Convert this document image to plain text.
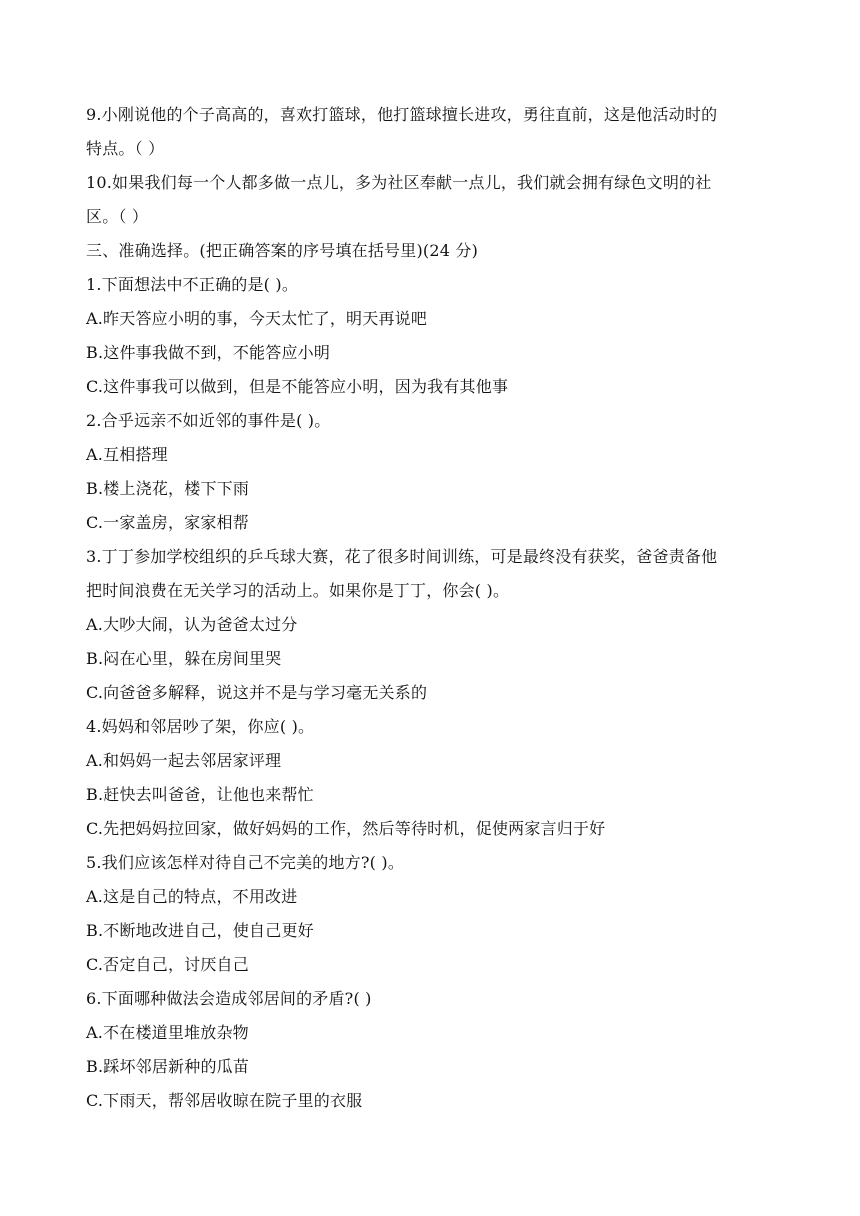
9.小刚说他的个子高高的，喜欢打篮球，他打篮球擅长进攻，勇往直前，这是他活动时的
特点。（ ）
10.如果我们每一个人都多做一点儿，多为社区奉献一点儿，我们就会拥有绿色文明的社
区。（ ）
三、准确选择。(把正确答案的序号填在括号里)(24 分)
1.下面想法中不正确的是( )。
A.昨天答应小明的事，今天太忙了，明天再说吧
B.这件事我做不到，不能答应小明
C.这件事我可以做到，但是不能答应小明，因为我有其他事
2.合乎远亲不如近邻的事件是( )。
A.互相搭理
B.楼上浇花，楼下下雨
C.一家盖房，家家相帮
3.丁丁参加学校组织的乒乓球大赛，花了很多时间训练，可是最终没有获奖，爸爸责备他
把时间浪费在无关学习的活动上。如果你是丁丁，你会( )。
A.大吵大闹，认为爸爸太过分
B.闷在心里，躲在房间里哭
C.向爸爸多解释，说这并不是与学习毫无关系的
4.妈妈和邻居吵了架，你应( )。
A.和妈妈一起去邻居家评理
B.赶快去叫爸爸，让他也来帮忙
C.先把妈妈拉回家，做好妈妈的工作，然后等待时机，促使两家言归于好
5.我们应该怎样对待自己不完美的地方?( )。
A.这是自己的特点，不用改进
B.不断地改进自己，使自己更好
C.否定自己，讨厌自己
6.下面哪种做法会造成邻居间的矛盾?( )
A.不在楼道里堆放杂物
B.踩坏邻居新种的瓜苗
C.下雨天，帮邻居收晾在院子里的衣服
